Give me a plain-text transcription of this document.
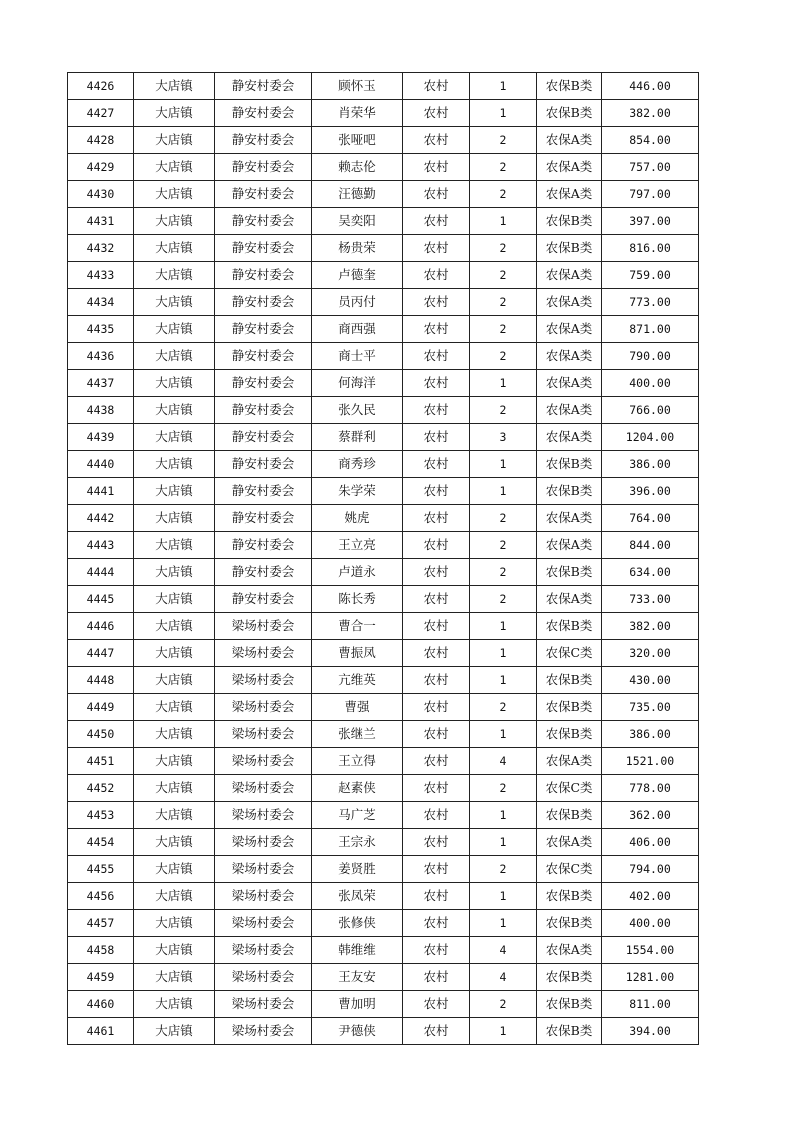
4426	大店镇	静安村委会	顾怀玉	农村	1	农保B类	446.00
4427	大店镇	静安村委会	肖荣华	农村	1	农保B类	382.00
4428	大店镇	静安村委会	张哑吧	农村	2	农保A类	854.00
4429	大店镇	静安村委会	赖志伦	农村	2	农保A类	757.00
4430	大店镇	静安村委会	汪德勤	农村	2	农保A类	797.00
4431	大店镇	静安村委会	吴奕阳	农村	1	农保B类	397.00
4432	大店镇	静安村委会	杨贵荣	农村	2	农保B类	816.00
4433	大店镇	静安村委会	卢德奎	农村	2	农保A类	759.00
4434	大店镇	静安村委会	员丙付	农村	2	农保A类	773.00
4435	大店镇	静安村委会	商西强	农村	2	农保A类	871.00
4436	大店镇	静安村委会	商士平	农村	2	农保A类	790.00
4437	大店镇	静安村委会	何海洋	农村	1	农保A类	400.00
4438	大店镇	静安村委会	张久民	农村	2	农保A类	766.00
4439	大店镇	静安村委会	蔡群利	农村	3	农保A类	1204.00
4440	大店镇	静安村委会	商秀珍	农村	1	农保B类	386.00
4441	大店镇	静安村委会	朱学荣	农村	1	农保B类	396.00
4442	大店镇	静安村委会	姚虎	农村	2	农保A类	764.00
4443	大店镇	静安村委会	王立亮	农村	2	农保A类	844.00
4444	大店镇	静安村委会	卢道永	农村	2	农保B类	634.00
4445	大店镇	静安村委会	陈长秀	农村	2	农保A类	733.00
4446	大店镇	梁场村委会	曹合一	农村	1	农保B类	382.00
4447	大店镇	梁场村委会	曹振凤	农村	1	农保C类	320.00
4448	大店镇	梁场村委会	亢维英	农村	1	农保B类	430.00
4449	大店镇	梁场村委会	曹强	农村	2	农保B类	735.00
4450	大店镇	梁场村委会	张继兰	农村	1	农保B类	386.00
4451	大店镇	梁场村委会	王立得	农村	4	农保A类	1521.00
4452	大店镇	梁场村委会	赵素侠	农村	2	农保C类	778.00
4453	大店镇	梁场村委会	马广芝	农村	1	农保B类	362.00
4454	大店镇	梁场村委会	王宗永	农村	1	农保A类	406.00
4455	大店镇	梁场村委会	姜贤胜	农村	2	农保C类	794.00
4456	大店镇	梁场村委会	张凤荣	农村	1	农保B类	402.00
4457	大店镇	梁场村委会	张修侠	农村	1	农保B类	400.00
4458	大店镇	梁场村委会	韩维维	农村	4	农保A类	1554.00
4459	大店镇	梁场村委会	王友安	农村	4	农保B类	1281.00
4460	大店镇	梁场村委会	曹加明	农村	2	农保B类	811.00
4461	大店镇	梁场村委会	尹德侠	农村	1	农保B类	394.00
